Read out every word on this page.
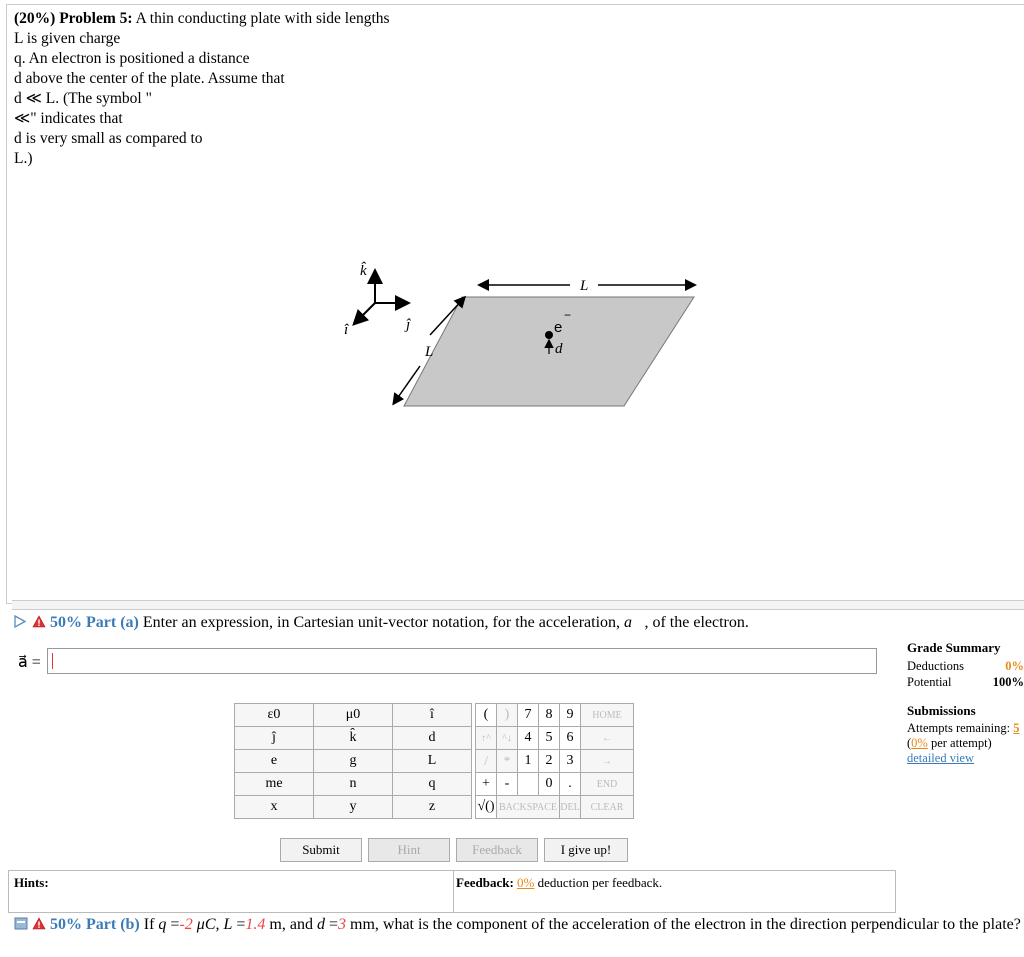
(20%) Problem 5: A thin conducting plate with side lengths
L is given charge
q. An electron is positioned a distance
d above the center of the plate. Assume that
d ≪ L. (The symbol "
≪" indicates that
d is very small as compared to
L.)
k̂
î	ĵ
L
L
e
−
d
50% Part (a) Enter an expression, in Cartesian unit-vector notation, for the acceleration, a⃗, of the electron.
a⃗ =
ε0	μ0	î		(	)	7	8	9	HOME
ĵ	k̂	d		↑^	^↓	4	5	6	←
e	g	L		/	*	1	2	3	→
me	n	q		+	-		0	.	END
x	y	z		√()	BACKSPACE			DEL	CLEAR
Submit	Hint	Feedback	I give up!
Hints:	Feedback: 0% deduction per feedback.
Grade Summary
Deductions	0%
Potential	100%
Submissions
Attempts remaining: 5
(0% per attempt)
detailed view
50% Part (b) If q =-2 μC, L =1.4 m, and d =3 mm, what is the component of the acceleration of the electron in the direction perpendicular to the plate?
